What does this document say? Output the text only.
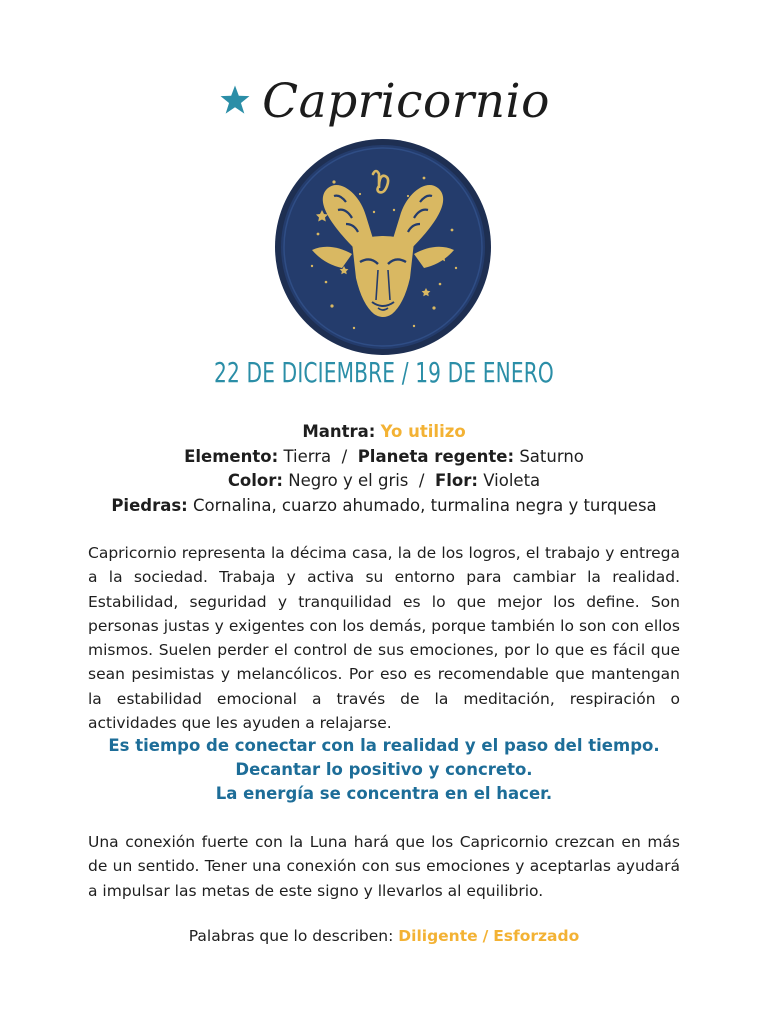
Capricornio
22 DE DICIEMBRE / 19 DE ENERO
Mantra: Yo utilizo
Elemento: Tierra / Planeta regente: Saturno
Color: Negro y el gris / Flor: Violeta
Piedras: Cornalina, cuarzo ahumado, turmalina negra y turquesa
Capricornio representa la décima casa, la de los logros, el trabajo y entrega a la sociedad. Trabaja y activa su entorno para cambiar la realidad. Estabilidad, seguridad y tranquilidad es lo que mejor los define. Son personas justas y exigentes con los demás, porque también lo son con ellos mismos. Suelen perder el control de sus emociones, por lo que es fácil que sean pesimistas y melancólicos. Por eso es recomendable que mantengan la estabilidad emocional a través de la meditación, respiración o actividades que les ayuden a relajarse.
Es tiempo de conectar con la realidad y el paso del tiempo.
Decantar lo positivo y concreto.
La energía se concentra en el hacer.
Una conexión fuerte con la Luna hará que los Capricornio crezcan en más de un sentido. Tener una conexión con sus emociones y aceptarlas ayudará a impulsar las metas de este signo y llevarlos al equilibrio.
Palabras que lo describen: Diligente / Esforzado
